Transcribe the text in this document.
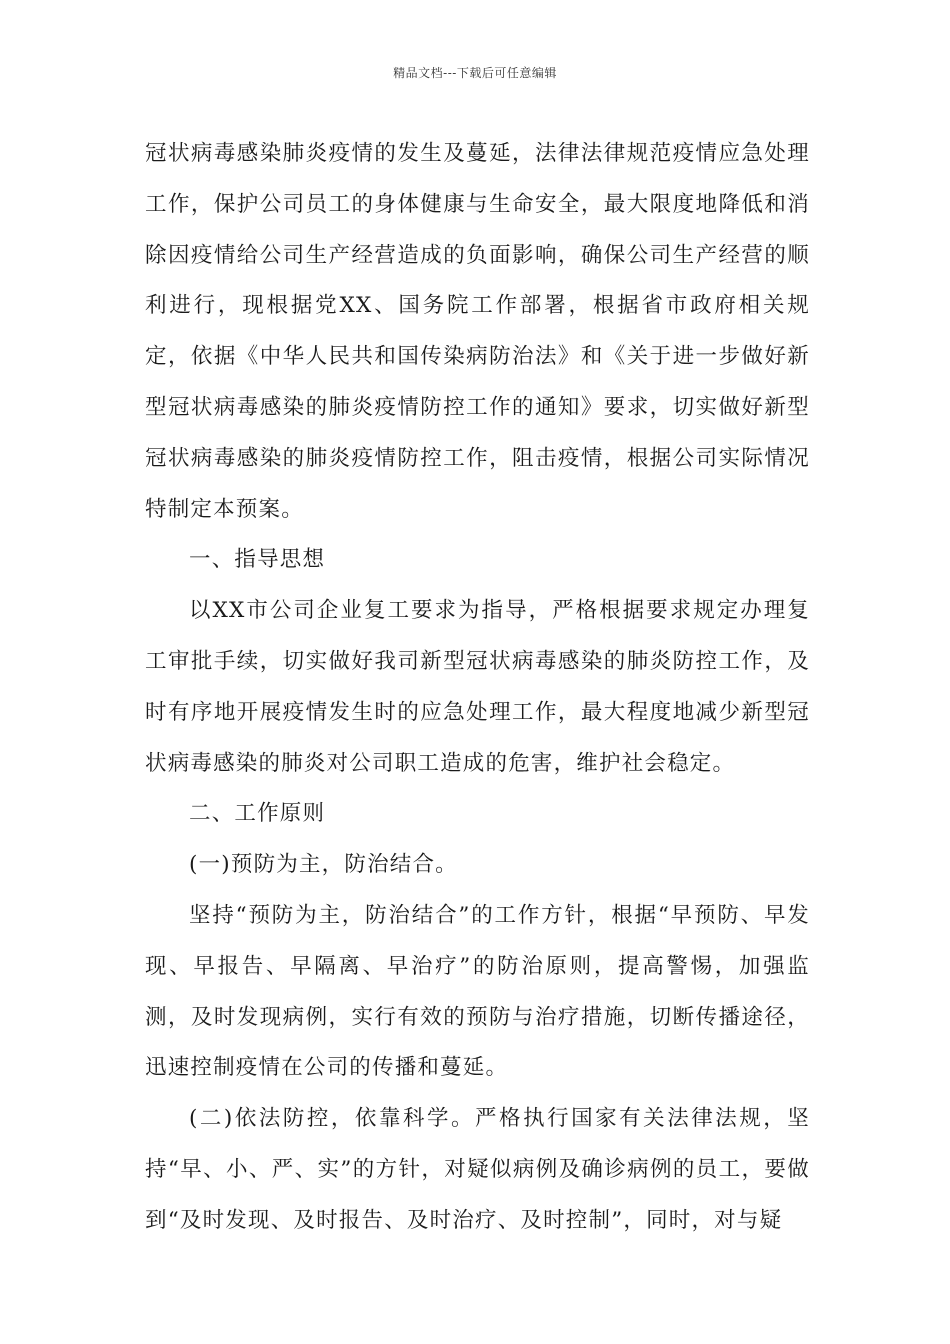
精品文档---下载后可任意编辑

冠状病毒感染肺炎疫情的发生及蔓延，法律法律规范疫情应急处理工作，保护公司员工的身体健康与生命安全，最大限度地降低和消除因疫情给公司生产经营造成的负面影响，确保公司生产经营的顺利进行，现根据党XX、国务院工作部署，根据省市政府相关规定，依据《中华人民共和国传染病防治法》和《关于进一步做好新型冠状病毒感染的肺炎疫情防控工作的通知》要求，切实做好新型冠状病毒感染的肺炎疫情防控工作，阻击疫情，根据公司实际情况特制定本预案。

一、指导思想

以XX市公司企业复工要求为指导，严格根据要求规定办理复工审批手续，切实做好我司新型冠状病毒感染的肺炎防控工作，及时有序地开展疫情发生时的应急处理工作，最大程度地减少新型冠状病毒感染的肺炎对公司职工造成的危害，维护社会稳定。

二、工作原则

(一)预防为主，防治结合。

坚持“预防为主，防治结合”的工作方针，根据“早预防、早发现、早报告、早隔离、早治疗”的防治原则，提高警惕，加强监测，及时发现病例，实行有效的预防与治疗措施，切断传播途径，迅速控制疫情在公司的传播和蔓延。

(二)依法防控，依靠科学。严格执行国家有关法律法规，坚持“早、小、严、实”的方针，对疑似病例及确诊病例的员工，要做到“及时发现、及时报告、及时治疗、及时控制”，同时，对与疑
